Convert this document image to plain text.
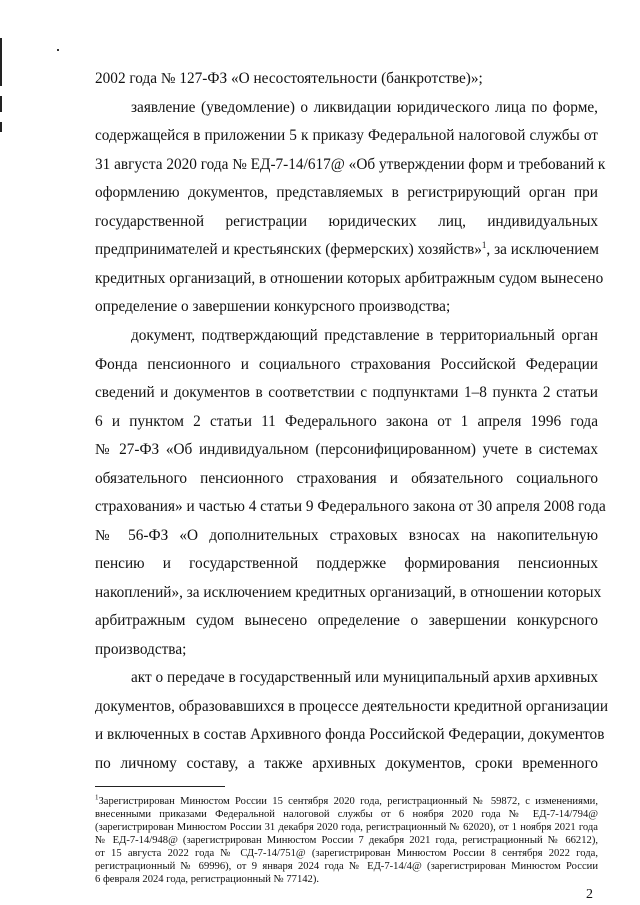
2002 года № 127-ФЗ «О несостоятельности (банкротстве)»;
заявление (уведомление) о ликвидации юридического лица по форме,
содержащейся в приложении 5 к приказу Федеральной налоговой службы от
31 августа 2020 года № ЕД-7-14/617@ «Об утверждении форм и требований к
оформлению документов, представляемых в регистрирующий орган при
государственной регистрации юридических лиц, индивидуальных
предпринимателей и крестьянских (фермерских) хозяйств»$^1$, за исключением
кредитных организаций, в отношении которых арбитражным судом вынесено
определение о завершении конкурсного производства;
документ, подтверждающий представление в территориальный орган
Фонда пенсионного и социального страхования Российской Федерации
сведений и документов в соответствии с подпунктами 1–8 пункта 2 статьи
6 и пунктом 2 статьи 11 Федерального закона от 1 апреля 1996 года
№ 27-ФЗ «Об индивидуальном (персонифицированном) учете в системах
обязательного пенсионного страхования и обязательного социального
страхования» и частью 4 статьи 9 Федерального закона от 30 апреля 2008 года
№ 56-ФЗ «О дополнительных страховых взносах на накопительную
пенсию и государственной поддержке формирования пенсионных
накоплений», за исключением кредитных организаций, в отношении которых
арбитражным судом вынесено определение о завершении конкурсного
производства;
акт о передаче в государственный или муниципальный архив архивных
документов, образовавшихся в процессе деятельности кредитной организации
и включенных в состав Архивного фонда Российской Федерации, документов
по личному составу, а также архивных документов, сроки временного
$^1$Зарегистрирован Минюстом России 15 сентября 2020 года, регистрационный № 59872, с изменениями,
внесенными приказами Федеральной налоговой службы от 6 ноября 2020 года № ЕД-7-14/794@
(зарегистрирован Минюстом России 31 декабря 2020 года, регистрационный № 62020), от 1 ноября 2021 года
№ ЕД-7-14/948@ (зарегистрирован Минюстом России 7 декабря 2021 года, регистрационный № 66212),
от 15 августа 2022 года № СД-7-14/751@ (зарегистрирован Минюстом России 8 сентября 2022 года,
регистрационный № 69996), от 9 января 2024 года № ЕД-7-14/4@ (зарегистрирован Минюстом России
6 февраля 2024 года, регистрационный № 77142).
2
